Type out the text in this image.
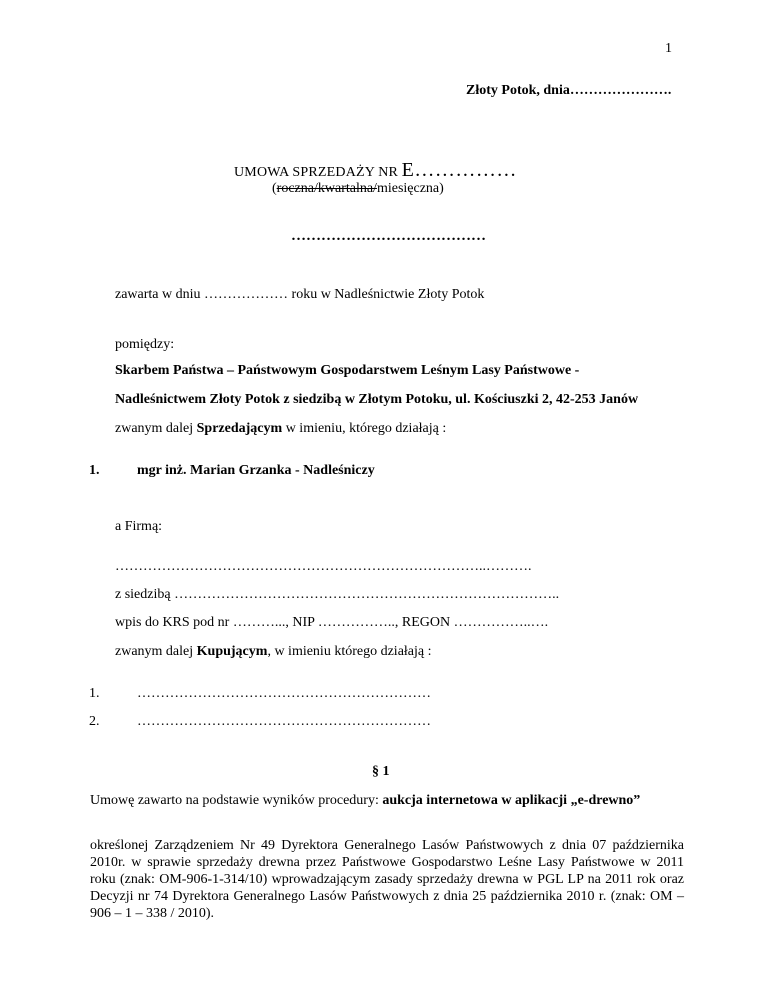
1
Złoty Potok, dnia………………….
UMOWA SPRZEDAŻY NR E……………
(roczna/kwartalna/miesięczna)
…………………………………
zawarta w dniu ……………… roku w Nadleśnictwie Złoty Potok
pomiędzy:
Skarbem Państwa – Państwowym Gospodarstwem Leśnym Lasy Państwowe -
Nadleśnictwem Złoty Potok z siedzibą w Złotym Potoku, ul. Kościuszki 2, 42-253 Janów
zwanym dalej Sprzedającym w imieniu, którego działają :
1.	mgr inż. Marian Grzanka - Nadleśniczy
a Firmą:
……………………………………………………………………..……….
z siedzibą ………………………………………………………………………..
wpis do KRS pod nr ………..., NIP …………….., REGON ……………..….
zwanym dalej Kupującym, w imieniu którego działają :
1.	………………………………………………………
2.	………………………………………………………
§ 1
Umowę zawarto na podstawie wyników procedury: aukcja internetowa w aplikacji „e-drewno”
określonej Zarządzeniem Nr 49 Dyrektora Generalnego Lasów Państwowych z dnia 07 października 2010r. w sprawie sprzedaży drewna przez Państwowe Gospodarstwo Leśne Lasy Państwowe w 2011 roku (znak: OM-906-1-314/10) wprowadzającym zasady sprzedaży drewna w PGL LP na 2011 rok oraz Decyzji nr 74 Dyrektora Generalnego Lasów Państwowych z dnia 25 października 2010 r. (znak: OM – 906 – 1 – 338 / 2010).
